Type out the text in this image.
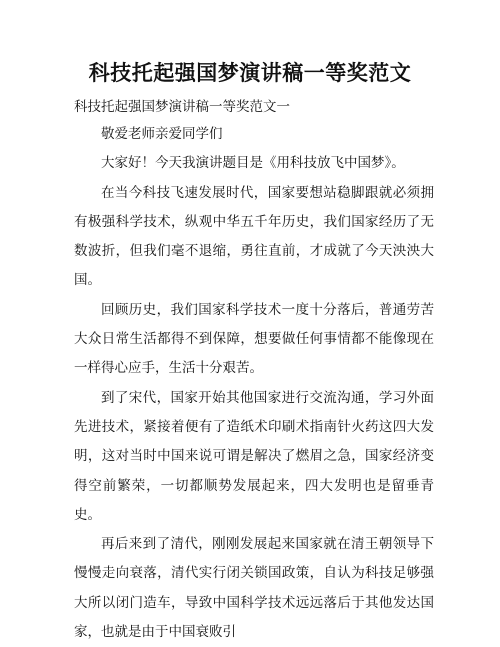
科技托起强国梦演讲稿一等奖范文
科技托起强国梦演讲稿一等奖范文一

敬爱老师亲爱同学们

大家好！今天我演讲题目是《用科技放飞中国梦》。

在当今科技飞速发展时代，国家要想站稳脚跟就必须拥有极强科学技术，纵观中华五千年历史，我们国家经历了无数波折，但我们毫不退缩，勇往直前，才成就了今天泱泱大国。

回顾历史，我们国家科学技术一度十分落后，普通劳苦大众日常生活都得不到保障，想要做任何事情都不能像现在一样得心应手，生活十分艰苦。

到了宋代，国家开始其他国家进行交流沟通，学习外面先进技术，紧接着便有了造纸术印刷术指南针火药这四大发明，这对当时中国来说可谓是解决了燃眉之急，国家经济变得空前繁荣，一切都顺势发展起来，四大发明也是留垂青史。

再后来到了清代，刚刚发展起来国家就在清王朝领导下慢慢走向衰落，清代实行闭关锁国政策，自认为科技足够强大所以闭门造车，导致中国科学技术远远落后于其他发达国家，也就是由于中国衰败引
